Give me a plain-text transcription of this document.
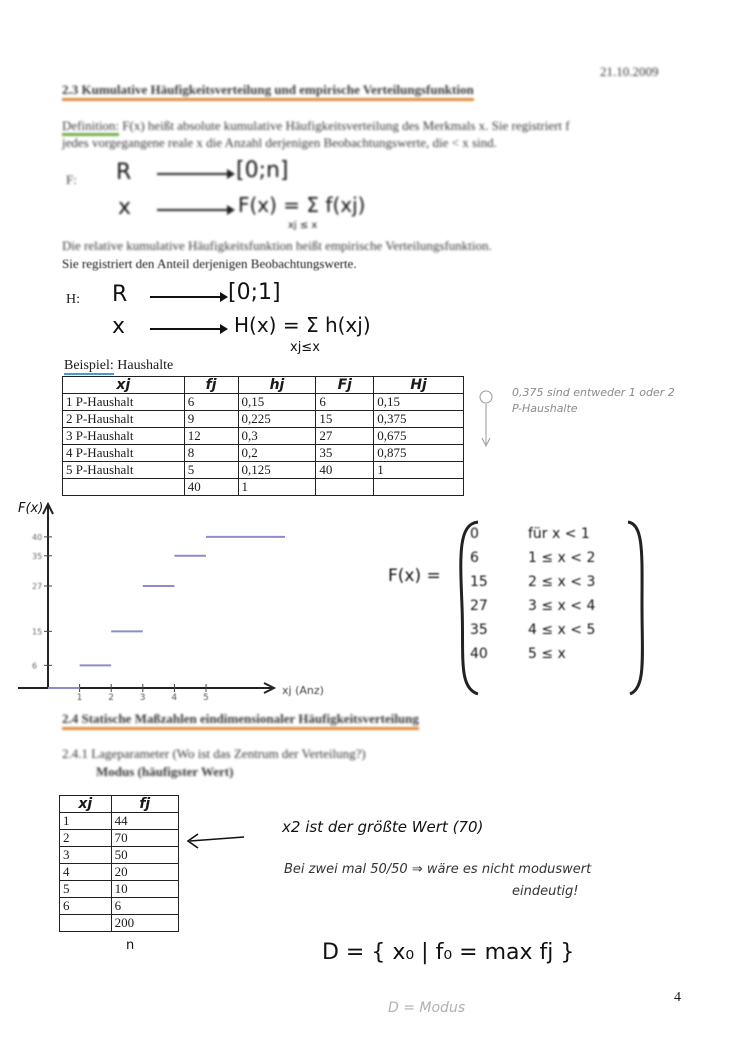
21.10.2009
2.3 Kumulative Häufigkeitsverteilung und empirische Verteilungsfunktion
Definition: F(x) heißt absolute kumulative Häufigkeitsverteilung des Merkmals x. Sie registriert f
jedes vorgegangene reale x die Anzahl derjenigen Beobachtungswerte, die < x sind.
F: R	[0;n]
x	F(x) = Σ f(xj)
xj ≤ x
Die relative kumulative Häufigkeitsfunktion heißt empirische Verteilungsfunktion.
Sie registriert den Anteil derjenigen Beobachtungswerte.
H: R	[0;1]
x	H(x) = Σ h(xj)
xj≤x
Beispiel: Haushalte
xj	fj	hj	Fj	Hj
1 P-Haushalt	6	0,15	6	0,15
2 P-Haushalt	9	0,225	15	0,375
3 P-Haushalt	12	0,3	27	0,675
4 P-Haushalt	8	0,2	35	0,875
5 P-Haushalt	5	0,125	40	1
	40	1		
0,375 sind entweder 1 oder 2
P-Haushalte
F(x)
xj (Anz)
1	2	3	4	5
6
15
27
35
40
F(x) =
0	für x < 1
6	1 ≤ x < 2
15	2 ≤ x < 3
27	3 ≤ x < 4
35	4 ≤ x < 5
40	5 ≤ x
2.4 Statische Maßzahlen eindimensionaler Häufigkeitsverteilung
2.4.1 Lageparameter (Wo ist das Zentrum der Verteilung?)
Modus (häufigster Wert)
xj	fj
1	44
2	70
3	50
4	20
5	10
6	6
	200
n
x2 ist der größte Wert (70)
Bei zwei mal 50/50 ⇒ wäre es nicht moduswert
eindeutig!
D = { x₀ | f₀ = max fj }
D = Modus
4
